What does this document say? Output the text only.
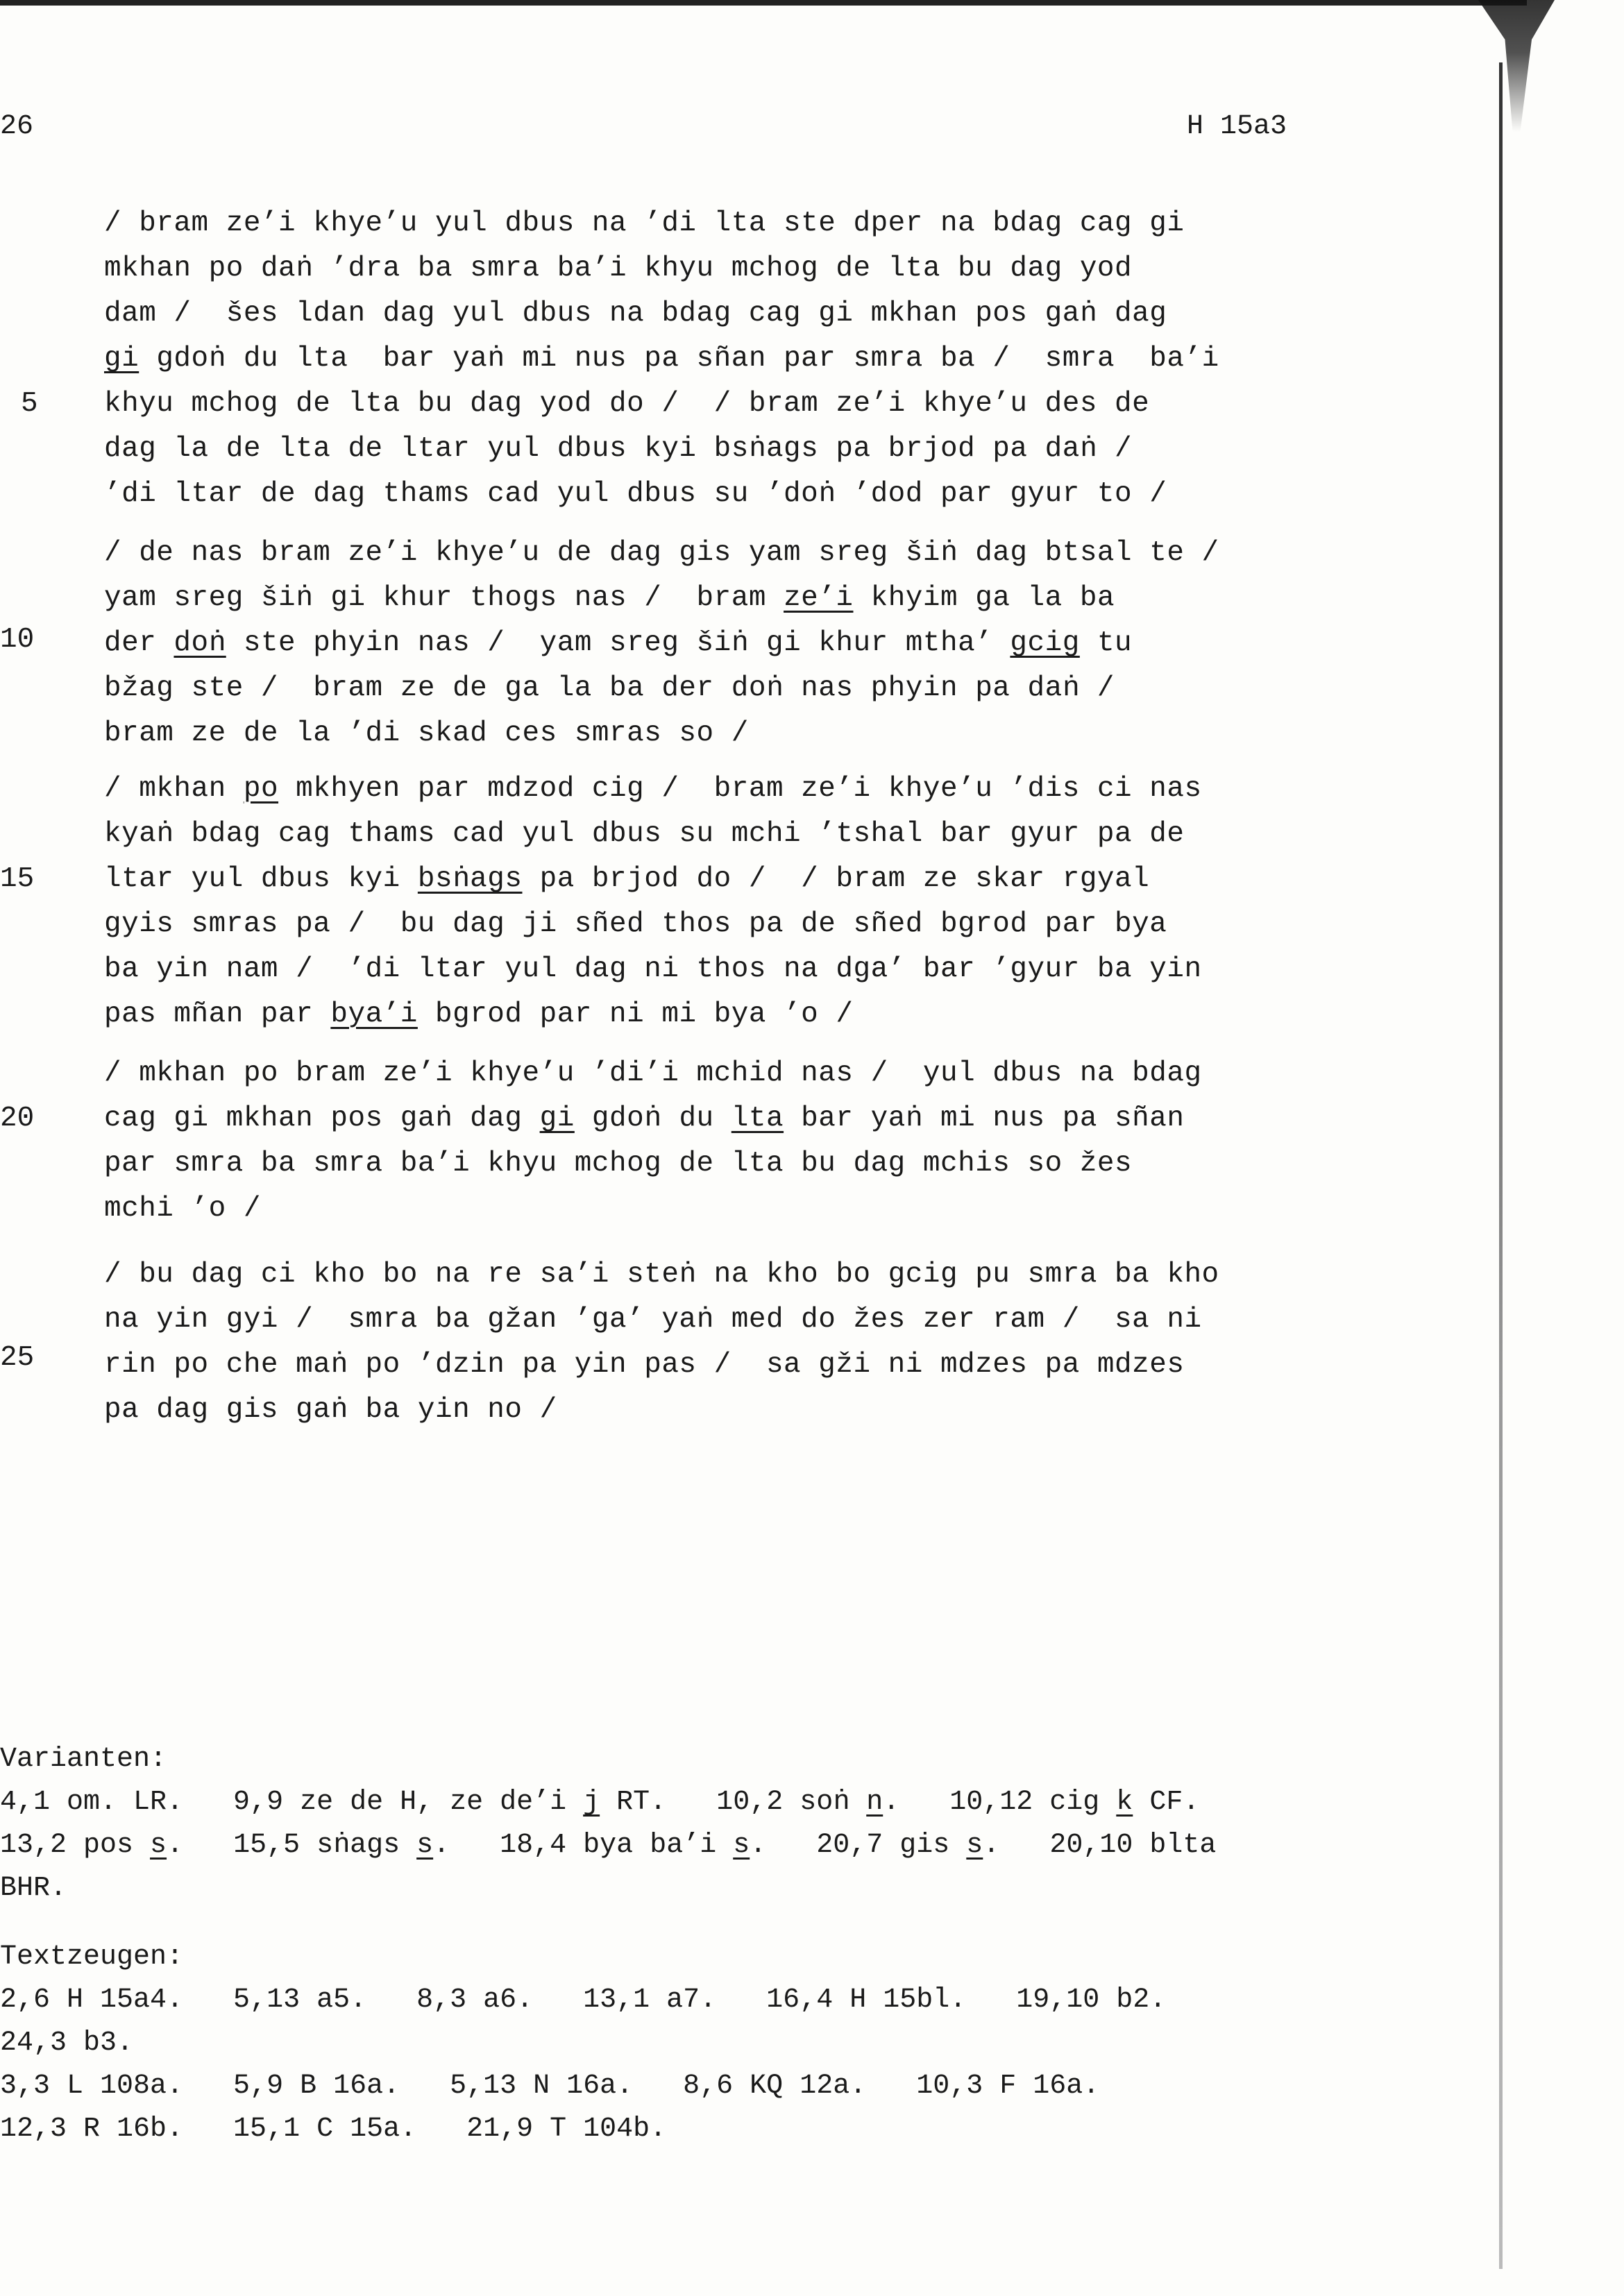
26	H 15a3
/ bram ze’i khye’u yul dbus na ’di lta ste dper na bdag cag gi
mkhan po daṅ ’dra ba smra ba’i khyu mchog de lta bu dag yod
dam /  šes ldan dag yul dbus na bdag cag gi mkhan pos gaṅ dag
gi gdoṅ du lta  bar yaṅ mi nus pa sñan par smra ba /  smra  ba’i
khyu mchog de lta bu dag yod do /  / bram ze’i khye’u des de
dag la de lta de ltar yul dbus kyi bsṅags pa brjod pa daṅ /
’di ltar de dag thams cad yul dbus su ’doṅ ’dod par gyur to /
/ de nas bram ze’i khye’u de dag gis yam sreg šiṅ dag btsal te /
yam sreg šiṅ gi khur thogs nas /  bram ze’i khyim ga la ba
der doṅ ste phyin nas /  yam sreg šiṅ gi khur mtha’ gcig tu
bžag ste /  bram ze de ga la ba der doṅ nas phyin pa daṅ /
bram ze de la ’di skad ces smras so /
/ mkhan po mkhyen par mdzod cig /  bram ze’i khye’u ’dis ci nas
kyaṅ bdag cag thams cad yul dbus su mchi ’tshal bar gyur pa de
ltar yul dbus kyi bsṅags pa brjod do /  / bram ze skar rgyal
gyis smras pa /  bu dag ji sñed thos pa de sñed bgrod par bya
ba yin nam /  ’di ltar yul dag ni thos na dga’ bar ’gyur ba yin
pas mñan par bya’i bgrod par ni mi bya ’o /
/ mkhan po bram ze’i khye’u ’di’i mchid nas /  yul dbus na bdag
cag gi mkhan pos gaṅ dag gi gdoṅ du lta bar yaṅ mi nus pa sñan
par smra ba smra ba’i khyu mchog de lta bu dag mchis so žes
mchi ’o /
/ bu dag ci kho bo na re sa’i steṅ na kho bo gcig pu smra ba kho
na yin gyi /  smra ba gžan ’ga’ yaṅ med do žes zer ram /  sa ni
rin po che maṅ po ’dzin pa yin pas /  sa gži ni mdzes pa mdzes
pa dag gis gaṅ ba yin no /
5
10
15
20
25
Varianten:
4,1 om. LR.   9,9 ze de H, ze de’i j RT.   10,2 soṅ n.   10,12 cig k CF.
13,2 pos s.   15,5 sṅags s.   18,4 bya ba’i s.   20,7 gis s.   20,10 blta
BHR.
Textzeugen:
2,6 H 15a4.   5,13 a5.   8,3 a6.   13,1 a7.   16,4 H 15bl.   19,10 b2.
24,3 b3.
3,3 L 108a.   5,9 B 16a.   5,13 N 16a.   8,6 KQ 12a.   10,3 F 16a.
12,3 R 16b.   15,1 C 15a.   21,9 T 104b.
